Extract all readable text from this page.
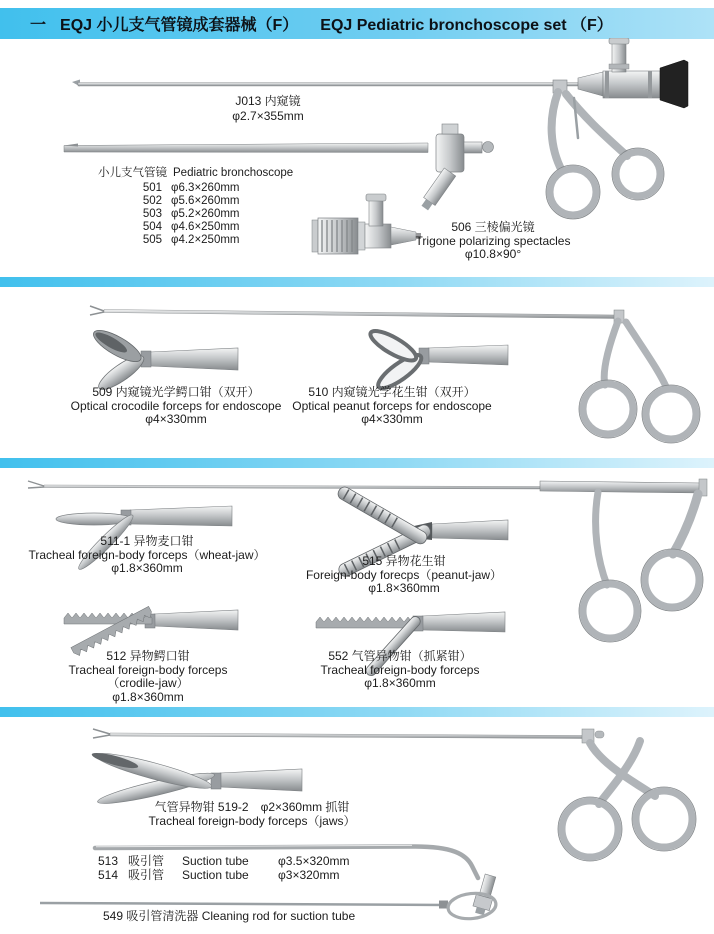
一 EQJ 小儿支气管镜成套器械（F） EQJ Pediatric bronchoscope set （F）
J013 内窥镜
φ2.7×355mm
小儿支气管镜 Pediatric bronchoscope
501 φ6.3×260mm
502 φ5.6×260mm
503 φ5.2×260mm
504 φ4.6×250mm
505 φ4.2×250mm
506 三棱偏光镜
Trigone polarizing spectacles
φ10.8×90°
509 内窥镜光学鳄口钳（双开）
Optical crocodile forceps for endoscope
φ4×330mm
510 内窥镜光学花生钳（双开）
Optical peanut forceps for endoscope
φ4×330mm
511-1 异物麦口钳
Tracheal foreign-body forceps（wheat-jaw）
φ1.8×360mm	515 异物花生钳
Foreign-body forecps（peanut-jaw）
φ1.8×360mm
512 异物鳄口钳
Tracheal foreign-body forceps
（crodile-jaw）
φ1.8×360mm
552 气管异物钳（抓紧钳）
Tracheal foreign-body forceps
φ1.8×360mm
气管异物钳 519-2　φ2×360mm 抓钳
Tracheal foreign-body forceps（jaws）
513 吸引管	Suction tube	φ3.5×320mm
514 吸引管	Suction tube	φ3×320mm
549 吸引管清洗器 Cleaning rod for suction tube
